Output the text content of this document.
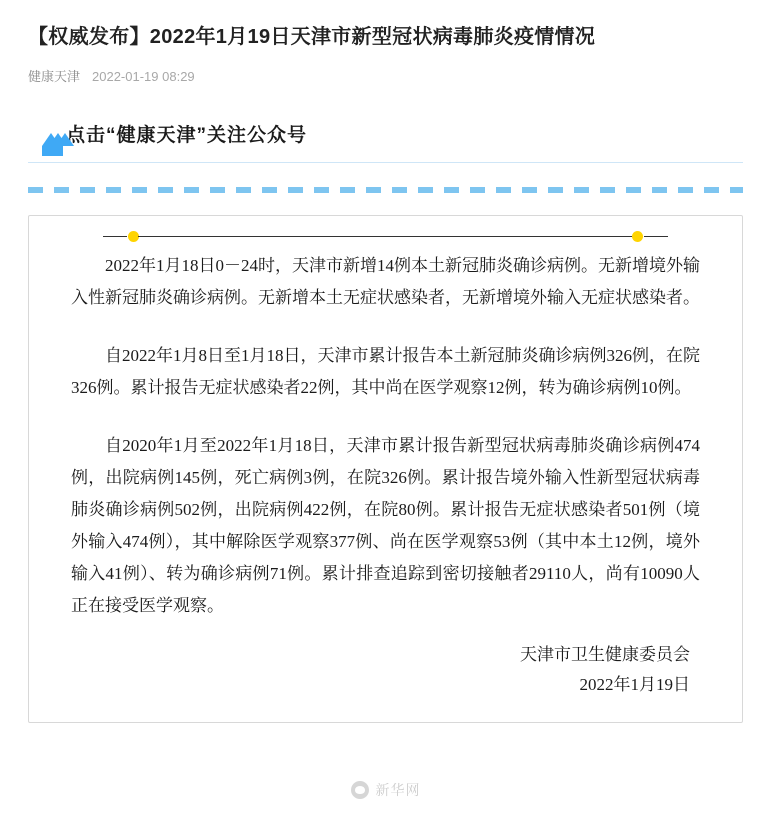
【权威发布】2022年1月19日天津市新型冠状病毒肺炎疫情情况
健康天津 2022-01-19 08:29
点击“健康天津”关注公众号

2022年1月18日0－24时，天津市新增14例本土新冠肺炎确诊病例。无新增境外输入性新冠肺炎确诊病例。无新增本土无症状感染者，无新增境外输入无症状感染者。

自2022年1月8日至1月18日，天津市累计报告本土新冠肺炎确诊病例326例，在院326例。累计报告无症状感染者22例，其中尚在医学观察12例，转为确诊病例10例。

自2020年1月至2022年1月18日，天津市累计报告新型冠状病毒肺炎确诊病例474例，出院病例145例，死亡病例3例，在院326例。累计报告境外输入性新型冠状病毒肺炎确诊病例502例，出院病例422例，在院80例。累计报告无症状感染者501例（境外输入474例），其中解除医学观察377例、尚在医学观察53例（其中本土12例，境外输入41例）、转为确诊病例71例。累计排查追踪到密切接触者29110人，尚有10090人正在接受医学观察。

天津市卫生健康委员会
2022年1月19日
新华网
